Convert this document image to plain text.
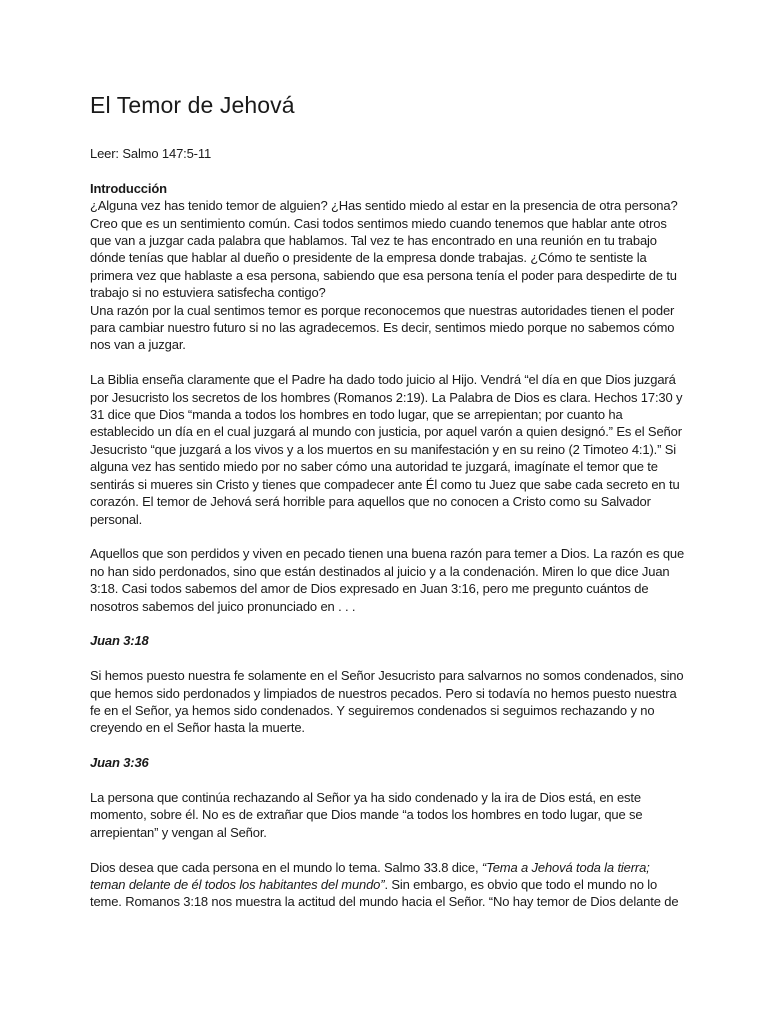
El Temor de Jehová

Leer: Salmo 147:5-11

Introducción

¿Alguna vez has tenido temor de alguien? ¿Has sentido miedo al estar en la presencia de otra persona? Creo que es un sentimiento común. Casi todos sentimos miedo cuando tenemos que hablar ante otros que van a juzgar cada palabra que hablamos. Tal vez te has encontrado en una reunión en tu trabajo dónde tenías que hablar al dueño o presidente de la empresa donde trabajas. ¿Cómo te sentiste la primera vez que hablaste a esa persona, sabiendo que esa persona tenía el poder para despedirte de tu trabajo si no estuviera satisfecha contigo?

Una razón por la cual sentimos temor es porque reconocemos que nuestras autoridades tienen el poder para cambiar nuestro futuro si no las agradecemos. Es decir, sentimos miedo porque no sabemos cómo nos van a juzgar.

La Biblia enseña claramente que el Padre ha dado todo juicio al Hijo. Vendrá “el día en que Dios juzgará por Jesucristo los secretos de los hombres (Romanos 2:19). La Palabra de Dios es clara. Hechos 17:30 y 31 dice que Dios “manda a todos los hombres en todo lugar, que se arrepientan; por cuanto ha establecido un día en el cual juzgará al mundo con justicia, por aquel varón a quien designó.” Es el Señor Jesucristo “que juzgará a los vivos y a los muertos en su manifestación y en su reino (2 Timoteo 4:1).” Si alguna vez has sentido miedo por no saber cómo una autoridad te juzgará, imagínate el temor que te sentirás si mueres sin Cristo y tienes que compadecer ante Él como tu Juez que sabe cada secreto en tu corazón. El temor de Jehová será horrible para aquellos que no conocen a Cristo como su Salvador personal.

Aquellos que son perdidos y viven en pecado tienen una buena razón para temer a Dios. La razón es que no han sido perdonados, sino que están destinados al juicio y a la condenación. Miren lo que dice Juan 3:18. Casi todos sabemos del amor de Dios expresado en Juan 3:16, pero me pregunto cuántos de nosotros sabemos del juico pronunciado en . . .

Juan 3:18

Si hemos puesto nuestra fe solamente en el Señor Jesucristo para salvarnos no somos condenados, sino que hemos sido perdonados y limpiados de nuestros pecados. Pero si todavía no hemos puesto nuestra fe en el Señor, ya hemos sido condenados. Y seguiremos condenados si seguimos rechazando y no creyendo en el Señor hasta la muerte.

Juan 3:36

La persona que continúa rechazando al Señor ya ha sido condenado y la ira de Dios está, en este momento, sobre él. No es de extrañar que Dios mande “a todos los hombres en todo lugar, que se arrepientan” y vengan al Señor.

Dios desea que cada persona en el mundo lo tema. Salmo 33.8 dice, “Tema a Jehová toda la tierra; teman delante de él todos los habitantes del mundo”. Sin embargo, es obvio que todo el mundo no lo teme. Romanos 3:18 nos muestra la actitud del mundo hacia el Señor. “No hay temor de Dios delante de
